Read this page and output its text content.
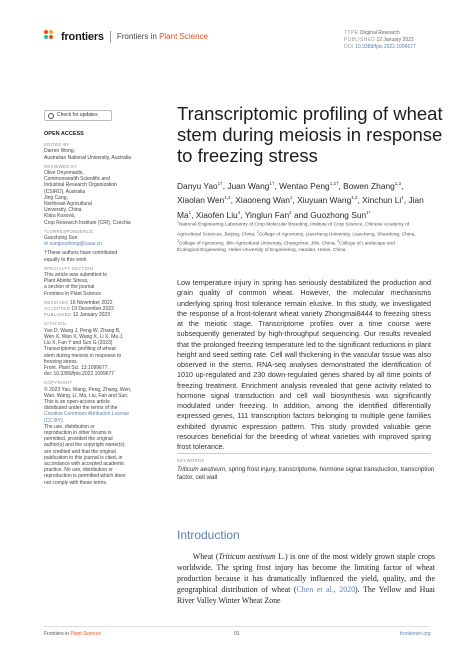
frontiers Frontiers in Plant Science	TYPE Original Research
PUBLISHED 12 January 2023
DOI 10.3389/fpls.2022.1099677
Check for updates
OPEN ACCESS
EDITED BY
Darren Wong,
Australian National University, Australia
REVIEWED BY
Olive Onyemaobi,
Commonwealth Scientific and
Industrial Research Organization
(CSIRO), Australia
Jing Cang,
Northeast Agricultural
University, China
Klára Kosová,
Crop Research Institute (CRI), Czechia
*CORRESPONDENCE
Guozhong Sun
✉ sunguozhong@caas.cn
†These authors have contributed
equally to this work
SPECIALTY SECTION
This article was submitted to
Plant Abiotic Stress,
a section of the journal
Frontiers in Plant Science
RECEIVED 16 November 2022
ACCEPTED 19 December 2022
PUBLISHED 12 January 2023
CITATION
Yao D, Wang J, Peng W, Zhang B,
Wen X, Wan X, Wang X, Li X, Ma J,
Liu X, Fan Y and Sun G (2023)
Transcriptomic profiling of wheat
stem during meiosis in response to
freezing stress.
Front. Plant Sci. 13:1099677.
doi: 10.3389/fpls.2022.1099677
COPYRIGHT
© 2023 Yao, Wang, Peng, Zhang, Wen,
Wan, Wang, Li, Ma, Liu, Fan and Sun.
This is an open-access article
distributed under the terms of the
Creative Commons Attribution License
(CC BY).
The use, distribution or
reproduction in other forums is
permitted, provided the original
author(s) and the copyright owner(s)
are credited and that the original
publication in this journal is cited, in
accordance with accepted academic
practice. No use, distribution or
reproduction is permitted which does
not comply with these terms.
Transcriptomic profiling of wheat stem during meiosis in response to freezing stress
Danyu Yao$^{1\dagger}$, Juan Wang$^{1\dagger}$, Wentao Peng$^{1,2\dagger}$, Bowen Zhang$^{1,3}$, Xiaolan Wen$^{1,4}$, Xiaoneng Wan$^1$, Xiuyuan Wang$^{1,2}$, Xinchun Li$^1$, Jian Ma$^1$, Xiaofen Liu$^4$, Yinglun Fan$^2$ and Guozhong Sun$^{1*}$
$^1$National Engineering Laboratory of Crop Molecular Breeding, Institute of Crop Science, Chinese Academy of Agricultural Sciences, Beijing, China, $^2$College of Agronomy, Liaocheng University, Liaocheng, Shandong, China, $^3$College of Agronomy, Jilin Agricultural University, Changchun, Jilin, China, $^4$College of Landscape and Ecological Engineering, Hebei University of Engineering, Handan, Hebei, China
Low temperature injury in spring has seriously destabilized the production and grain quality of common wheat. However, the molecular mechanisms underlying spring frost tolerance remain elusive. In this study, we investigated the response of a frost-tolerant wheat variety Zhongmai8444 to freezing stress at the meiotic stage. Transcriptome profiles over a time course were subsequently generated by high-throughput sequencing. Our results revealed that the prolonged freezing temperature led to the significant reductions in plant height and seed setting rate. Cell wall thickening in the vascular tissue was also observed in the stems. RNA-seq analyses demonstrated the identification of 1010 up-regulated and 230 down-regulated genes shared by all time points of freezing treatment. Enrichment analysis revealed that gene activity related to hormone signal transduction and cell wall biosynthesis was significantly modulated under freezing. In addition, among the identified differentially expressed genes, 111 transcription factors belonging to multiple gene families exhibited dynamic expression pattern. This study provided valuable gene resources beneficial for the breeding of wheat varieties with improved spring frost tolerance.
KEYWORDS
Triticum aestivum, spring frost injury, transcriptome, hormone signal transduction, transcription factor, cell wall
Introduction
  Wheat (Triticum aestivum L.) is one of the most widely grown staple crops worldwide. The spring frost injury has become the limiting factor of wheat production because it has dramatically influenced the yield, quality, and the geographical distribution of wheat (Chen et al., 2020). The Yellow and Huai River Valley Winter Wheat Zone
Frontiers in Plant Science	01	frontiersin.org
